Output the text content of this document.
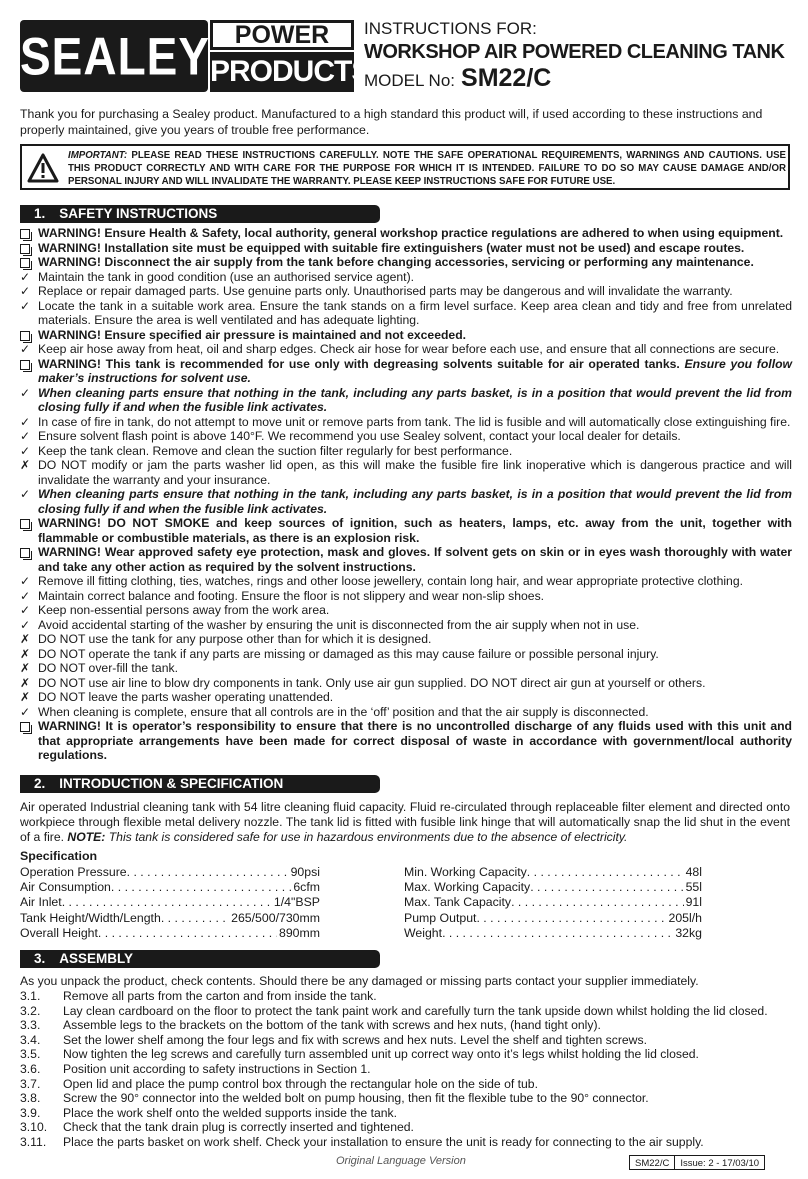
SEALEY POWER
PRODUCTS
INSTRUCTIONS FOR:
WORKSHOP AIR POWERED CLEANING TANK
MODEL No: SM22/C
Thank you for purchasing a Sealey product. Manufactured to a high standard this product will, if used according to these instructions and properly maintained, give you years of trouble free performance.
IMPORTANT: PLEASE READ THESE INSTRUCTIONS CAREFULLY. NOTE THE SAFE OPERATIONAL REQUIREMENTS, WARNINGS AND CAUTIONS. USE THIS PRODUCT CORRECTLY AND WITH CARE FOR THE PURPOSE FOR WHICH IT IS INTENDED. FAILURE TO DO SO MAY CAUSE DAMAGE AND/OR PERSONAL INJURY AND WILL INVALIDATE THE WARRANTY. PLEASE KEEP INSTRUCTIONS SAFE FOR FUTURE USE.
1. SAFETY INSTRUCTIONS
WARNING! Ensure Health & Safety, local authority, general workshop practice regulations are adhered to when using equipment.
WARNING! Installation site must be equipped with suitable fire extinguishers (water must not be used) and escape routes.
WARNING! Disconnect the air supply from the tank before changing accessories, servicing or performing any maintenance.
✓ Maintain the tank in good condition (use an authorised service agent).
✓ Replace or repair damaged parts. Use genuine parts only. Unauthorised parts may be dangerous and will invalidate the warranty.
✓ Locate the tank in a suitable work area. Ensure the tank stands on a firm level surface. Keep area clean and tidy and free from unrelated materials. Ensure the area is well ventilated and has adequate lighting.
WARNING! Ensure specified air pressure is maintained and not exceeded.
✓ Keep air hose away from heat, oil and sharp edges. Check air hose for wear before each use, and ensure that all connections are secure.
WARNING! This tank is recommended for use only with degreasing solvents suitable for air operated tanks. Ensure you follow maker’s instructions for solvent use.
✓ When cleaning parts ensure that nothing in the tank, including any parts basket, is in a position that would prevent the lid from closing fully if and when the fusible link activates.
✓ In case of fire in tank, do not attempt to move unit or remove parts from tank. The lid is fusible and will automatically close extinguishing fire.
✓ Ensure solvent flash point is above 140°F. We recommend you use Sealey solvent, contact your local dealer for details.
✓ Keep the tank clean. Remove and clean the suction filter regularly for best performance.
✗ DO NOT modify or jam the parts washer lid open, as this will make the fusible fire link inoperative which is dangerous practice and will invalidate the warranty and your insurance.
✓ When cleaning parts ensure that nothing in the tank, including any parts basket, is in a position that would prevent the lid from closing fully if and when the fusible link activates.
WARNING! DO NOT SMOKE and keep sources of ignition, such as heaters, lamps, etc. away from the unit, together with flammable or combustible materials, as there is an explosion risk.
WARNING! Wear approved safety eye protection, mask and gloves. If solvent gets on skin or in eyes wash thoroughly with water and take any other action as required by the solvent instructions.
✓ Remove ill fitting clothing, ties, watches, rings and other loose jewellery, contain long hair, and wear appropriate protective clothing.
✓ Maintain correct balance and footing. Ensure the floor is not slippery and wear non-slip shoes.
✓ Keep non-essential persons away from the work area.
✓ Avoid accidental starting of the washer by ensuring the unit is disconnected from the air supply when not in use.
✗ DO NOT use the tank for any purpose other than for which it is designed.
✗ DO NOT operate the tank if any parts are missing or damaged as this may cause failure or possible personal injury.
✗ DO NOT over-fill the tank.
✗ DO NOT use air line to blow dry components in tank. Only use air gun supplied. DO NOT direct air gun at yourself or others.
✗ DO NOT leave the parts washer operating unattended.
✓ When cleaning is complete, ensure that all controls are in the ‘off’ position and that the air supply is disconnected.
WARNING! It is operator’s responsibility to ensure that there is no uncontrolled discharge of any fluids used with this unit and that appropriate arrangements have been made for correct disposal of waste in accordance with government/local authority regulations.
2. INTRODUCTION & SPECIFICATION
Air operated Industrial cleaning tank with 54 litre cleaning fluid capacity. Fluid re-circulated through replaceable filter element and directed onto workpiece through flexible metal delivery nozzle. The tank lid is fitted with fusible link hinge that will automatically snap the lid shut in the event of a fire. NOTE: This tank is considered safe for use in hazardous environments due to the absence of electricity.
Specification
Operation Pressure . . .	90psi
Air Consumption . . .	6cfm
Air Inlet . . .	1/4"BSP
Tank Height/Width/Length . . .	265/500/730mm
Overall Height . . .	890mm
Min. Working Capacity . . .	48l
Max. Working Capacity . . .	55l
Max. Tank Capacity . . .	91l
Pump Output . . .	205l/h
Weight . . .	32kg
3. ASSEMBLY
As you unpack the product, check contents. Should there be any damaged or missing parts contact your supplier immediately.
3.1.	Remove all parts from the carton and from inside the tank.
3.2.	Lay clean cardboard on the floor to protect the tank paint work and carefully turn the tank upside down whilst holding the lid closed.
3.3.	Assemble legs to the brackets on the bottom of the tank with screws and hex nuts, (hand tight only).
3.4.	Set the lower shelf among the four legs and fix with screws and hex nuts. Level the shelf and tighten screws.
3.5.	Now tighten the leg screws and carefully turn assembled unit up correct way onto it’s legs whilst holding the lid closed.
3.6.	Position unit according to safety instructions in Section 1.
3.7.	Open lid and place the pump control box through the rectangular hole on the side of tub.
3.8.	Screw the 90° connector into the welded bolt on pump housing, then fit the flexible tube to the 90° connector.
3.9.	Place the work shelf onto the welded supports inside the tank.
3.10.	Check that the tank drain plug is correctly inserted and tightened.
3.11.	Place the parts basket on work shelf. Check your installation to ensure the unit is ready for connecting to the air supply.
Original Language Version	SM22/C	Issue: 2 - 17/03/10
